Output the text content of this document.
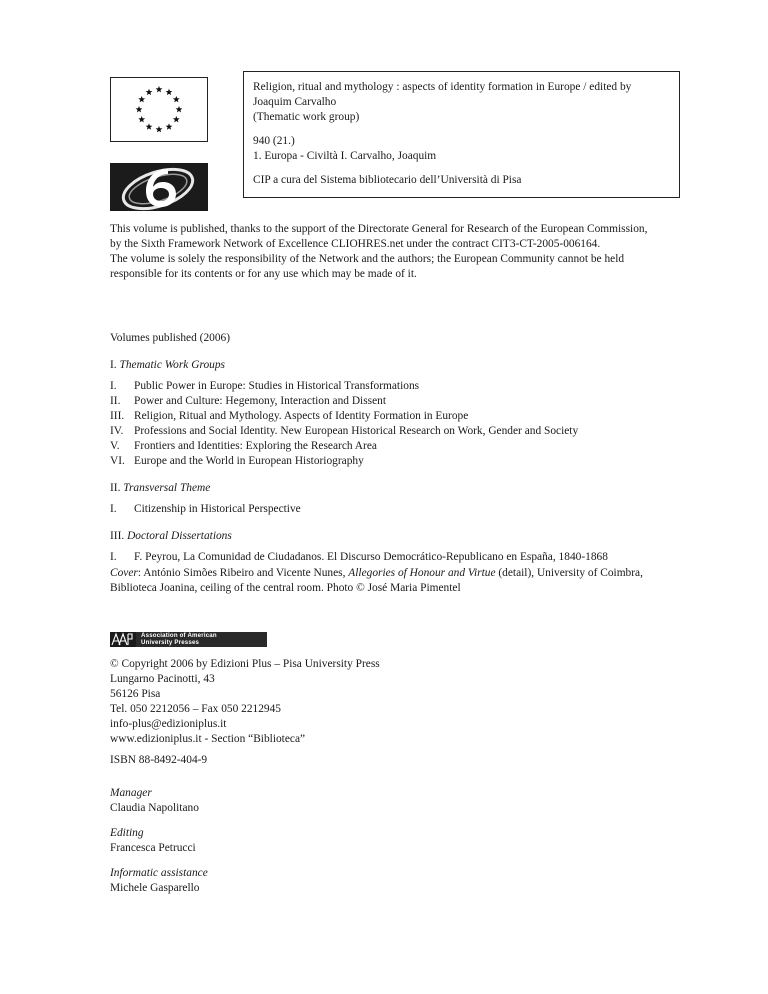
Religion, ritual and mythology : aspects of identity formation in Europe / edited by

Joaquim Carvalho

(Thematic work group)

940 (21.)

1. Europa - Civiltà I. Carvalho, Joaquim

CIP a cura del Sistema bibliotecario dell’Università di Pisa

This volume is published, thanks to the support of the Directorate General for Research of the European Commission,

by the Sixth Framework Network of Excellence CLIOHRES.net under the contract CIT3-CT-2005-006164.

The volume is solely the responsibility of the Network and the authors; the European Community cannot be held

responsible for its contents or for any use which may be made of it.

Volumes published (2006)

I. Thematic Work Groups

I.	Public Power in Europe: Studies in Historical Transformations
II.	Power and Culture: Hegemony, Interaction and Dissent
III. Religion, Ritual and Mythology. Aspects of Identity Formation in Europe
IV. Professions and Social Identity. New European Historical Research on Work, Gender and Society
V.	Frontiers and Identities: Exploring the Research Area
VI. Europe and the World in European Historiography

II. Transversal Theme

I.	Citizenship in Historical Perspective

III. Doctoral Dissertations

I.	F. Peyrou, La Comunidad de Ciudadanos. El Discurso Democrático-Republicano en España, 1840-1868

Cover: António Simões Ribeiro and Vicente Nunes, Allegories of Honour and Virtue (detail), University of Coimbra,

Biblioteca Joanina, ceiling of the central room. Photo © José Maria Pimentel

Association of American
University Presses

© Copyright 2006 by Edizioni Plus – Pisa University Press

Lungarno Pacinotti, 43

56126 Pisa

Tel. 050 2212056 – Fax 050 2212945

info-plus@edizioniplus.it

www.edizioniplus.it - Section “Biblioteca”

ISBN 88-8492-404-9
Manager
Claudia Napolitano
Editing
Francesca Petrucci
Informatic assistance
Michele Gasparello
